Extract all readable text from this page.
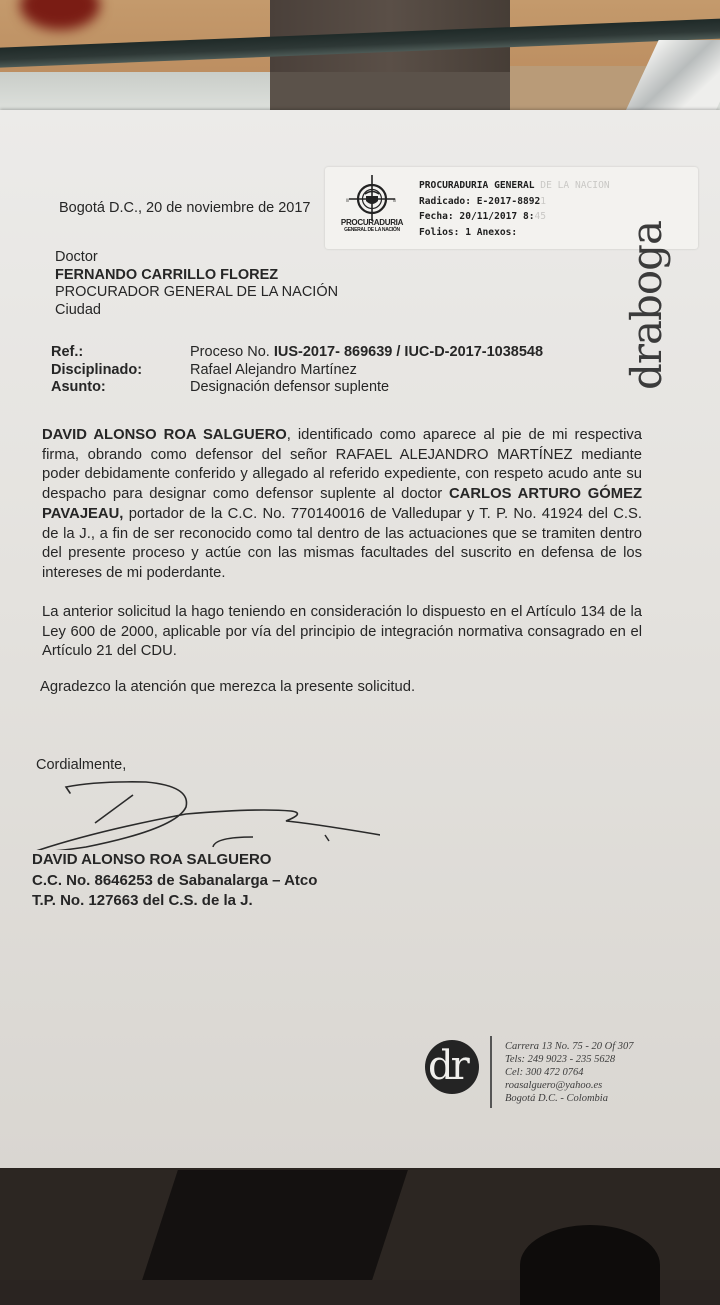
Bogotá D.C., 20 de noviembre de 2017
|||	|||
PROCURADURIA
GENERAL DE LA NACIÓN
PROCURADURIA GENERAL DE LA NACION
Radicado: E-2017-88921
Fecha: 20/11/2017 8:45
Folios: 1 Anexos:	draboga
Doctor
FERNANDO CARRILLO FLOREZ
PROCURADOR GENERAL DE LA NACIÓN
Ciudad
Ref.:	Proceso No. IUS-2017- 869639 / IUC-D-2017-1038548
Disciplinado:	Rafael Alejandro Martínez
Asunto:	Designación defensor suplente
DAVID ALONSO ROA SALGUERO, identificado como aparece al pie de mi respectiva firma, obrando como defensor del señor RAFAEL ALEJANDRO MARTÍNEZ mediante poder debidamente conferido y allegado al referido expediente, con respeto acudo ante su despacho para designar como defensor suplente al doctor CARLOS ARTURO GÓMEZ PAVAJEAU, portador de la C.C. No. 770140016 de Valledupar y T. P. No. 41924 del C.S. de la J., a fin de ser reconocido como tal dentro de las actuaciones que se tramiten dentro del presente proceso y actúe con las mismas facultades del suscrito en defensa de los intereses de mi poderdante.
La anterior solicitud la hago teniendo en consideración lo dispuesto en el Artículo 134 de la Ley 600 de 2000, aplicable por vía del principio de integración normativa consagrado en el Artículo 21 del CDU.
Agradezco la atención que merezca la presente solicitud.
Cordialmente,
DAVID ALONSO ROA SALGUERO
C.C. No. 8646253 de Sabanalarga – Atco
T.P. No. 127663 del C.S. de la J.
dr	Carrera 13 No. 75 - 20 Of 307
Tels: 249 9023 - 235 5628
Cel: 300 472 0764
roasalguero@yahoo.es
Bogotá D.C. - Colombia
